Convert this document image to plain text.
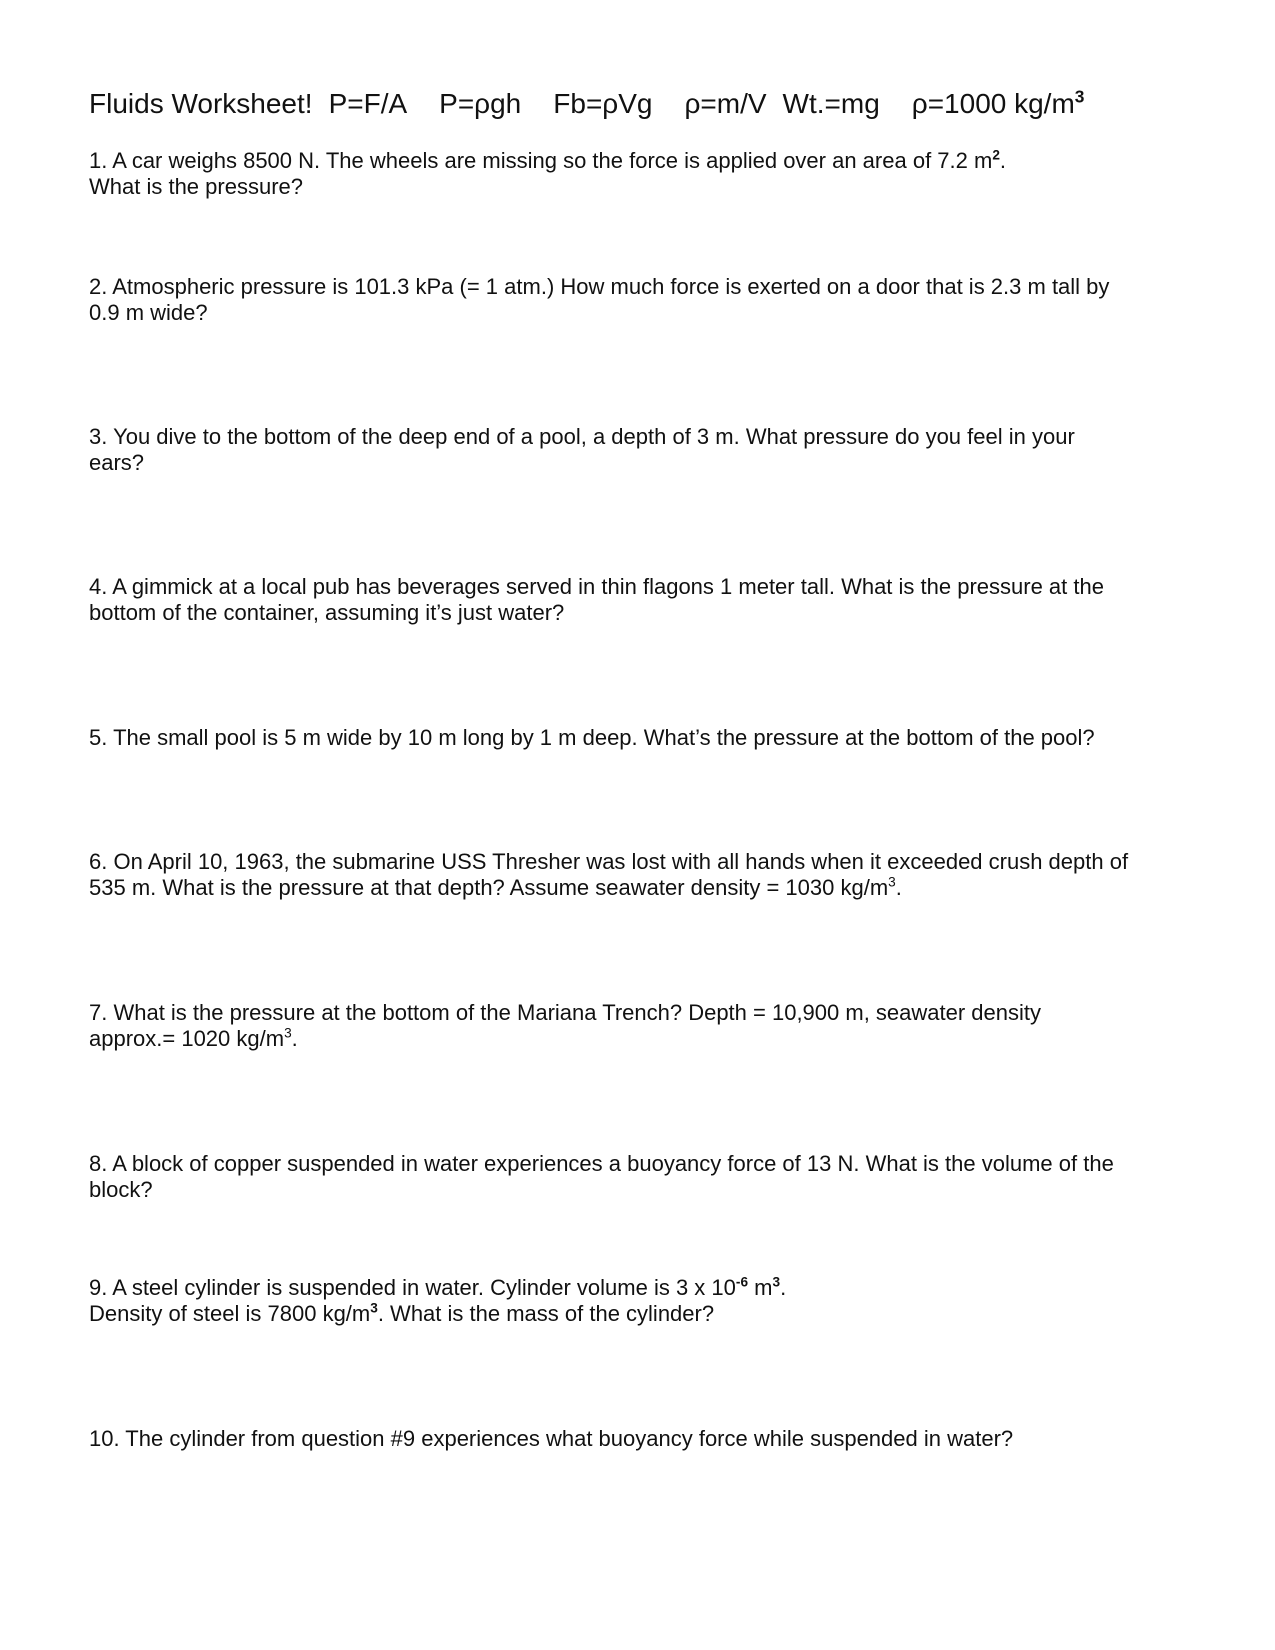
Fluids Worksheet! P=F/A P=ρgh Fb=ρVg ρ=m/V Wt.=mg ρ=1000 $kg/m^3$

1. A car weighs 8500 N. The wheels are missing so the force is applied over an area of 7.2 $m^2$.

What is the pressure?

2. Atmospheric pressure is 101.3 kPa (= 1 atm.) How much force is exerted on a door that is 2.3 m tall by

0.9 m wide?

3. You dive to the bottom of the deep end of a pool, a depth of 3 m. What pressure do you feel in your

ears?

4. A gimmick at a local pub has beverages served in thin flagons 1 meter tall. What is the pressure at the

bottom of the container, assuming it’s just water?

5. The small pool is 5 m wide by 10 m long by 1 m deep. What’s the pressure at the bottom of the pool?

6. On April 10, 1963, the submarine USS Thresher was lost with all hands when it exceeded crush depth of

535 m. What is the pressure at that depth? Assume seawater density = 1030 $kg/m^3$.

7. What is the pressure at the bottom of the Mariana Trench? Depth = 10,900 m, seawater density

approx.= 1020 $kg/m^3$.

8. A block of copper suspended in water experiences a buoyancy force of 13 N. What is the volume of the

block?

9. A steel cylinder is suspended in water. Cylinder volume is 3 x $10^{-6}$ $m^3$.

Density of steel is 7800 $kg/m^3$. What is the mass of the cylinder?

10. The cylinder from question #9 experiences what buoyancy force while suspended in water?
